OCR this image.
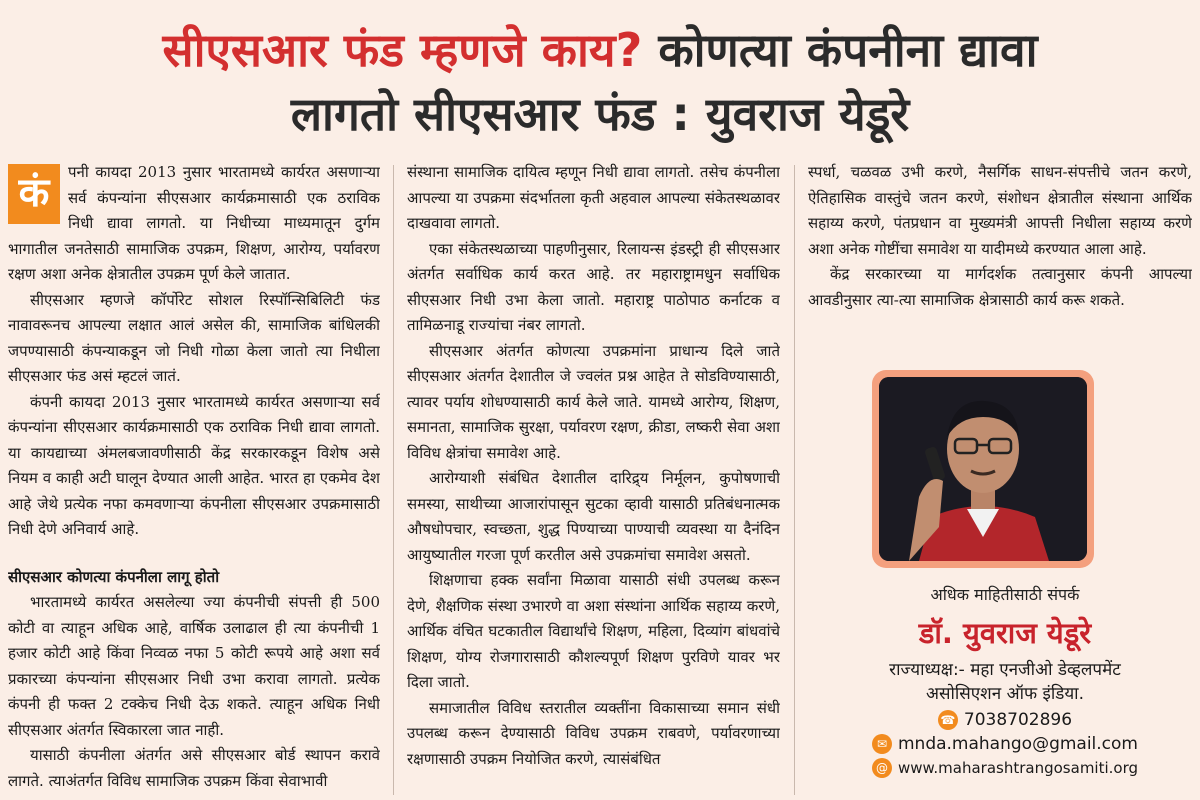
सीएसआर फंड म्हणजे काय? कोणत्या कंपनीना द्यावा
लागतो सीएसआर फंड : युवराज येडूरे
कं	पनी कायदा 2013 नुसार भारतामध्ये कार्यरत असणाऱ्या सर्व कंपन्यांना सीएसआर कार्यक्रमासाठी एक ठराविक निधी द्यावा लागतो. या निधीच्या माध्यमातून दुर्गम भागातील जनतेसाठी सामाजिक उपक्रम, शिक्षण, आरोग्य, पर्यावरण रक्षण अशा अनेक क्षेत्रातील उपक्रम पूर्ण केले जातात.

सीएसआर म्हणजे कॉर्पोरेट सोशल रिस्पॉन्सिबिलिटी फंड नावावरूनच आपल्या लक्षात आलं असेल की, सामाजिक बांधिलकी जपण्यासाठी कंपन्याकडून जो निधी गोळा केला जातो त्या निधीला सीएसआर फंड असं म्हटलं जातं.

कंपनी कायदा 2013 नुसार भारतामध्ये कार्यरत असणाऱ्या सर्व कंपन्यांना सीएसआर कार्यक्रमासाठी एक ठराविक निधी द्यावा लागतो. या कायद्याच्या अंमलबजावणीसाठी केंद्र सरकारकडून विशेष असे नियम व काही अटी घालून देण्यात आली आहेत. भारत हा एकमेव देश आहे जेथे प्रत्येक नफा कमवणाऱ्या कंपनीला सीएसआर उपक्रमासाठी निधी देणे अनिवार्य आहे.

सीएसआर कोणत्या कंपनीला लागू होतो

भारतामध्ये कार्यरत असलेल्या ज्या कंपनीची संपत्ती ही 500 कोटी वा त्याहून अधिक आहे, वार्षिक उलाढाल ही त्या कंपनीची 1 हजार कोटी आहे किंवा निव्वळ नफा 5 कोटी रूपये आहे अशा सर्व प्रकारच्या कंपन्यांना सीएसआर निधी उभा करावा लागतो. प्रत्येक कंपनी ही फक्त 2 टक्केच निधी देऊ शकते. त्याहून अधिक निधी सीएसआर अंतर्गत स्विकारला जात नाही.

यासाठी कंपनीला अंतर्गत असे सीएसआर बोर्ड स्थापन करावे लागते. त्याअंतर्गत विविध सामाजिक उपक्रम किंवा सेवाभावी

संस्थाना सामाजिक दायित्व म्हणून निधी द्यावा लागतो. तसेच कंपनीला आपल्या या उपक्रमा संदर्भातला कृती अहवाल आपल्या संकेतस्थळावर दाखवावा लागतो.

एका संकेतस्थळाच्या पाहणीनुसार, रिलायन्स इंडस्ट्री ही सीएसआर अंतर्गत सर्वाधिक कार्य करत आहे. तर महाराष्ट्रामधुन सर्वाधिक सीएसआर निधी उभा केला जातो. महाराष्ट्र पाठोपाठ कर्नाटक व तामिळनाडू राज्यांचा नंबर लागतो.

सीएसआर अंतर्गत कोणत्या उपक्रमांना प्राधान्य दिले जाते सीएसआर अंतर्गत देशातील जे ज्वलंत प्रश्न आहेत ते सोडविण्यासाठी, त्यावर पर्याय शोधण्यासाठी कार्य केले जाते. यामध्ये आरोग्य, शिक्षण, समानता, सामाजिक सुरक्षा, पर्यावरण रक्षण, क्रीडा, लष्करी सेवा अशा विविध क्षेत्रांचा समावेश आहे.

आरोग्याशी संबंधित देशातील दारिद्र्य निर्मूलन, कुपोषणाची समस्या, साथीच्या आजारांपासून सुटका व्हावी यासाठी प्रतिबंधनात्मक औषधोपचार, स्वच्छता, शुद्ध पिण्याच्या पाण्याची व्यवस्था या दैनंदिन आयुष्यातील गरजा पूर्ण करतील असे उपक्रमांचा समावेश असतो.

शिक्षणाचा हक्क सर्वांना मिळावा यासाठी संधी उपलब्ध करून देणे, शैक्षणिक संस्था उभारणे वा अशा संस्थांना आर्थिक सहाय्य करणे, आर्थिक वंचित घटकातील विद्यार्थांचे शिक्षण, महिला, दिव्यांग बांधवांचे शिक्षण, योग्य रोजगारासाठी कौशल्यपूर्ण शिक्षण पुरविणे यावर भर दिला जातो.

समाजातील विविध स्तरातील व्यक्तींना विकासाच्या समान संधी उपलब्ध करून देण्यासाठी विविध उपक्रम राबवणे, पर्यावरणाच्या रक्षणासाठी उपक्रम नियोजित करणे, त्यासंबंधित

स्पर्धा, चळवळ उभी करणे, नैसर्गिक साधन-संपत्तीचे जतन करणे, ऐतिहासिक वास्तुंचे जतन करणे, संशोधन क्षेत्रातील संस्थाना आर्थिक सहाय्य करणे, पंतप्रधान वा मुख्यमंत्री आपत्ती निधीला सहाय्य करणे अशा अनेक गोष्टींचा समावेश या यादीमध्ये करण्यात आला आहे.

केंद्र सरकारच्या या मार्गदर्शक तत्वानुसार कंपनी आपल्या आवडीनुसार त्या-त्या सामाजिक क्षेत्रासाठी कार्य करू शकते.

अधिक माहितीसाठी संपर्क
डॉ. युवराज येडूरे
राज्याध्यक्ष:- महा एनजीओ डेव्हलपमेंट
असोसिएशन ऑफ इंडिया.
☎ 7038702896
✉ mnda.mahango@gmail.com
@ www.maharashtrangosamiti.org
